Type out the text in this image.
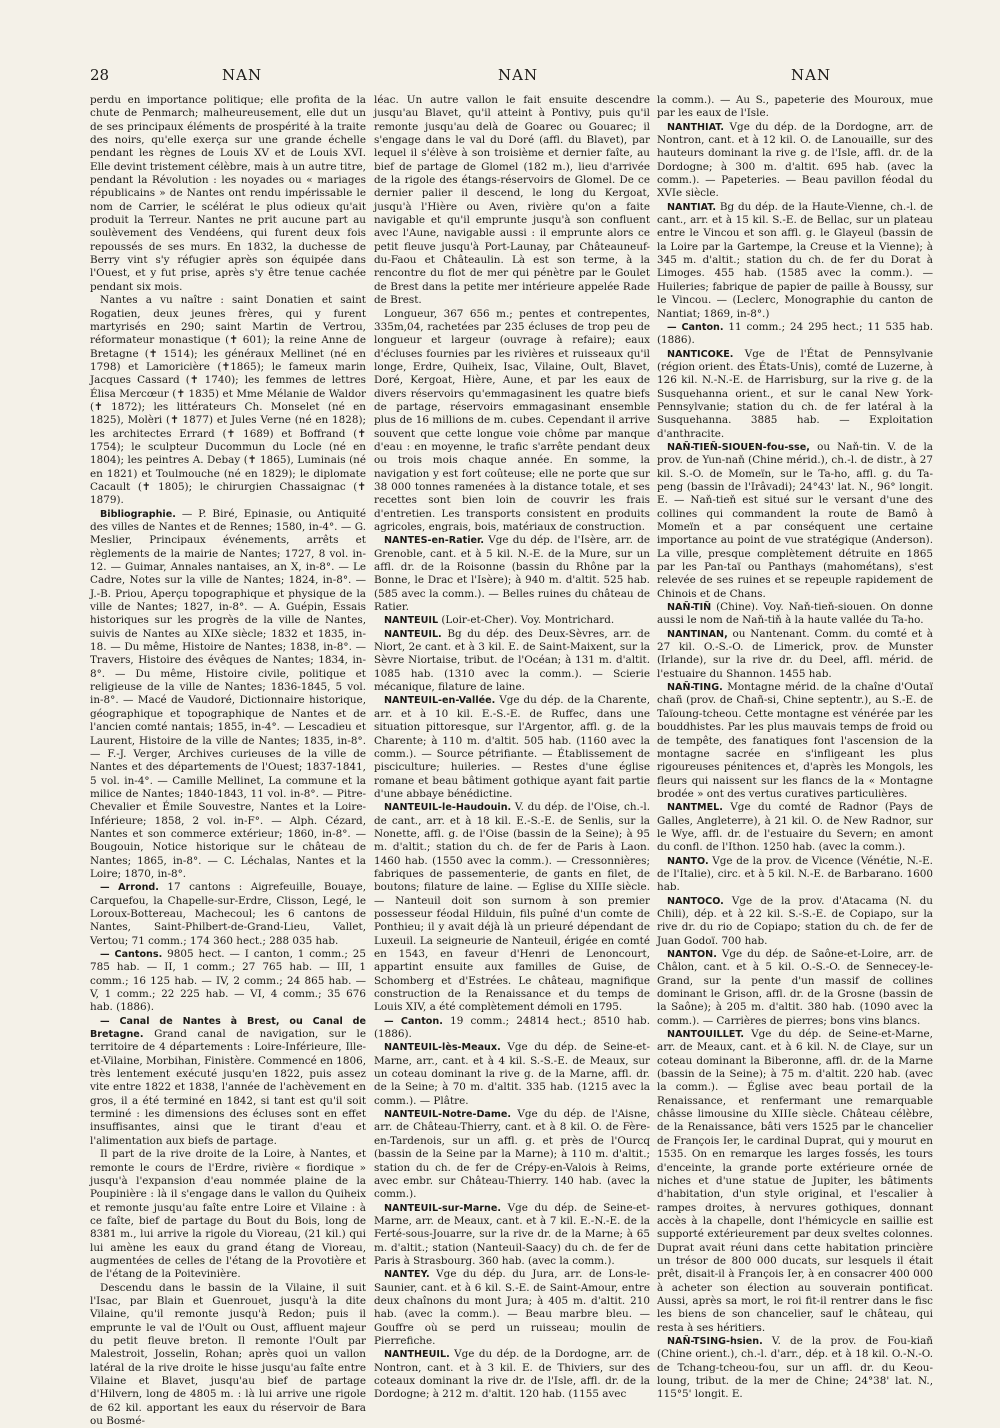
28	NAN	NAN	NAN

perdu en importance politique; elle profita de la chute de Penmarch; malheureusement, elle dut un de ses principaux éléments de prospérité à la traite des noirs, qu'elle exerça sur une grande échelle pendant les règnes de Louis XV et de Louis XVI. Elle devint tristement célèbre, mais à un autre titre, pendant la Révolution : les noyades ou « mariages républicains » de Nantes ont rendu impérissable le nom de Carrier, le scélérat le plus odieux qu'ait produit la Terreur. Nantes ne prit aucune part au soulèvement des Vendéens, qui furent deux fois repoussés de ses murs. En 1832, la duchesse de Berry vint s'y réfugier après son équipée dans l'Ouest, et y fut prise, après s'y être tenue cachée pendant six mois.

Nantes a vu naître : saint Donatien et saint Rogatien, deux jeunes frères, qui y furent martyrisés en 290; saint Martin de Vertrou, réformateur monastique (✝ 601); la reine Anne de Bretagne (✝ 1514); les généraux Mellinet (né en 1798) et Lamoricière (✝1865); le fameux marin Jacques Cassard (✝ 1740); les femmes de lettres Élisa Mercœur (✝ 1835) et Mme Mélanie de Waldor (✝ 1872); les littérateurs Ch. Monselet (né en 1825), Molèri (✝ 1877) et Jules Verne (né en 1828); les architectes Errard (✝ 1689) et Boffrand (✝ 1754); le sculpteur Ducommun du Locle (né en 1804); les peintres A. Debay (✝ 1865), Luminais (né en 1821) et Toulmouche (né en 1829); le diplomate Cacault (✝ 1805); le chirurgien Chassaignac (✝ 1879).

Bibliographie. — P. Biré, Epinasie, ou Antiquité des villes de Nantes et de Rennes; 1580, in-4°. — G. Meslier, Principaux événements, arrêts et règlements de la mairie de Nantes; 1727, 8 vol. in-12. — Guimar, Annales nantaises, an X, in-8°. — Le Cadre, Notes sur la ville de Nantes; 1824, in-8°. — J.-B. Priou, Aperçu topographique et physique de la ville de Nantes; 1827, in-8°. — A. Guépin, Essais historiques sur les progrès de la ville de Nantes, suivis de Nantes au XIXe siècle; 1832 et 1835, in-18. — Du même, Histoire de Nantes; 1838, in-8°. — Travers, Histoire des évêques de Nantes; 1834, in-8°. — Du même, Histoire civile, politique et religieuse de la ville de Nantes; 1836-1845, 5 vol. in-8°. — Macé de Vaudoré, Dictionnaire historique, géographique et topographique de Nantes et de l'ancien comté nantais; 1855, in-4°. — Lescadieu et Laurent, Histoire de la ville de Nantes; 1835, in-8°. — F.-J. Verger, Archives curieuses de la ville de Nantes et des départements de l'Ouest; 1837-1841, 5 vol. in-4°. — Camille Mellinet, La commune et la milice de Nantes; 1840-1843, 11 vol. in-8°. — Pitre-Chevalier et Émile Souvestre, Nantes et la Loire-Inférieure; 1858, 2 vol. in-F°. — Alph. Cézard, Nantes et son commerce extérieur; 1860, in-8°. — Bougouin, Notice historique sur le château de Nantes; 1865, in-8°. — C. Léchalas, Nantes et la Loire; 1870, in-8°.

— Arrond. 17 cantons : Aigrefeuille, Bouaye, Carquefou, la Chapelle-sur-Erdre, Clisson, Legé, le Loroux-Bottereau, Machecoul; les 6 cantons de Nantes, Saint-Philbert-de-Grand-Lieu, Vallet, Vertou; 71 comm.; 174 360 hect.; 288 035 hab.

— Cantons. 9805 hect. — I canton, 1 comm.; 25 785 hab. — II, 1 comm.; 27 765 hab. — III, 1 comm.; 16 125 hab. — IV, 2 comm.; 24 865 hab. — V, 1 comm.; 22 225 hab. — VI, 4 comm.; 35 676 hab. (1886).

— Canal de Nantes à Brest, ou Canal de Bretagne. Grand canal de navigation, sur le territoire de 4 départements : Loire-Inférieure, Ille-et-Vilaine, Morbihan, Finistère. Commencé en 1806, très lentement exécuté jusqu'en 1822, puis assez vite entre 1822 et 1838, l'année de l'achèvement en gros, il a été terminé en 1842, si tant est qu'il soit terminé : les dimensions des écluses sont en effet insuffisantes, ainsi que le tirant d'eau et l'alimentation aux biefs de partage.

Il part de la rive droite de la Loire, à Nantes, et remonte le cours de l'Erdre, rivière « fiordique » jusqu'à l'expansion d'eau nommée plaine de la Poupinière : là il s'engage dans le vallon du Quiheix et remonte jusqu'au faîte entre Loire et Vilaine : à ce faîte, bief de partage du Bout du Bois, long de 8381 m., lui arrive la rigole du Vioreau, (21 kil.) qui lui amène les eaux du grand étang de Vioreau, augmentées de celles de l'étang de la Provotière et de l'étang de la Poitevinière.

Descendu dans le bassin de la Vilaine, il suit l'Isac, par Blain et Guenrouet, jusqu'à la dite Vilaine, qu'il remonte jusqu'à Redon; puis il emprunte le val de l'Oult ou Oust, affluent majeur du petit fleuve breton. Il remonte l'Oult par Malestroit, Josselin, Rohan; après quoi un vallon latéral de la rive droite le hisse jusqu'au faîte entre Vilaine et Blavet, jusqu'au bief de partage d'Hilvern, long de 4805 m. : là lui arrive une rigole de 62 kil. apportant les eaux du réservoir de Bara ou Bosmé-

léac. Un autre vallon le fait ensuite descendre jusqu'au Blavet, qu'il atteint à Pontivy, puis qu'il remonte jusqu'au delà de Goarec ou Gouarec; il s'engage dans le val du Doré (affl. du Blavet), par lequel il s'élève à son troisième et dernier faîte, au bief de partage de Glomel (182 m.), lieu d'arrivée de la rigole des étangs-réservoirs de Glomel. De ce dernier palier il descend, le long du Kergoat, jusqu'à l'Hière ou Aven, rivière qu'on a faite navigable et qu'il emprunte jusqu'à son confluent avec l'Aune, navigable aussi : il emprunte alors ce petit fleuve jusqu'à Port-Launay, par Châteauneuf-du-Faou et Châteaulin. Là est son terme, à la rencontre du flot de mer qui pénètre par le Goulet de Brest dans la petite mer intérieure appelée Rade de Brest.

Longueur, 367 656 m.; pentes et contrepentes, 335m,04, rachetées par 235 écluses de trop peu de longueur et largeur (ouvrage à refaire); eaux d'écluses fournies par les rivières et ruisseaux qu'il longe, Erdre, Quiheix, Isac, Vilaine, Oult, Blavet, Doré, Kergoat, Hière, Aune, et par les eaux de divers réservoirs qu'emmagasinent les quatre biefs de partage, réservoirs emmagasinant ensemble plus de 16 millions de m. cubes. Cependant il arrive souvent que cette longue voie chôme par manque d'eau : en moyenne, le trafic s'arrête pendant deux ou trois mois chaque année. En somme, la navigation y est fort coûteuse; elle ne porte que sur 38 000 tonnes ramenées à la distance totale, et ses recettes sont bien loin de couvrir les frais d'entretien. Les transports consistent en produits agricoles, engrais, bois, matériaux de construction.

NANTES-en-Ratier. Vge du dép. de l'Isère, arr. de Grenoble, cant. et à 5 kil. N.-E. de la Mure, sur un affl. dr. de la Roisonne (bassin du Rhône par la Bonne, le Drac et l'Isère); à 940 m. d'altit. 525 hab. (585 avec la comm.). — Belles ruines du château de Ratier.

NANTEUIL (Loir-et-Cher). Voy. Montrichard.

NANTEUIL. Bg du dép. des Deux-Sèvres, arr. de Niort, 2e cant. et à 3 kil. E. de Saint-Maixent, sur la Sèvre Niortaise, tribut. de l'Océan; à 131 m. d'altit. 1085 hab. (1310 avec la comm.). — Scierie mécanique, filature de laine.

NANTEUIL-en-Vallée. Vge du dép. de la Charente, arr. et à 10 kil. E.-S.-E. de Ruffec, dans une situation pittoresque, sur l'Argentor, affl. g. de la Charente; à 110 m. d'altit. 505 hab. (1160 avec la comm.). — Source pétrifiante. — Établissement de pisciculture; huileries. — Restes d'une église romane et beau bâtiment gothique ayant fait partie d'une abbaye bénédictine.

NANTEUIL-le-Haudouin. V. du dép. de l'Oise, ch.-l. de cant., arr. et à 18 kil. E.-S.-E. de Senlis, sur la Nonette, affl. g. de l'Oise (bassin de la Seine); à 95 m. d'altit.; station du ch. de fer de Paris à Laon. 1460 hab. (1550 avec la comm.). — Cressonnières; fabriques de passementerie, de gants en filet, de boutons; filature de laine. — Eglise du XIIIe siècle. — Nanteuil doit son surnom à son premier possesseur féodal Hilduin, fils puîné d'un comte de Ponthieu; il y avait déjà là un prieuré dépendant de Luxeuil. La seigneurie de Nanteuil, érigée en comté en 1543, en faveur d'Henri de Lenoncourt, appartint ensuite aux familles de Guise, de Schomberg et d'Estrées. Le château, magnifique construction de la Renaissance et du temps de Louis XIV, a été complètement démoli en 1795.

— Canton. 19 comm.; 24814 hect.; 8510 hab. (1886).

NANTEUIL-lès-Meaux. Vge du dép. de Seine-et-Marne, arr., cant. et à 4 kil. S.-S.-E. de Meaux, sur un coteau dominant la rive g. de la Marne, affl. dr. de la Seine; à 70 m. d'altit. 335 hab. (1215 avec la comm.). — Plâtre.

NANTEUIL-Notre-Dame. Vge du dép. de l'Aisne, arr. de Château-Thierry, cant. et à 8 kil. O. de Fère-en-Tardenois, sur un affl. g. et près de l'Ourcq (bassin de la Seine par la Marne); à 110 m. d'altit.; station du ch. de fer de Crépy-en-Valois à Reims, avec embr. sur Château-Thierry. 140 hab. (avec la comm.).

NANTEUIL-sur-Marne. Vge du dép. de Seine-et-Marne, arr. de Meaux, cant. et à 7 kil. E.-N.-E. de la Ferté-sous-Jouarre, sur la rive dr. de la Marne; à 65 m. d'altit.; station (Nanteuil-Saacy) du ch. de fer de Paris à Strasbourg. 360 hab. (avec la comm.).

NANTEY. Vge du dép. du Jura, arr. de Lons-le-Saunier, cant. et à 6 kil. S.-E. de Saint-Amour, entre deux chaînons du mont Jura; à 405 m. d'altit. 210 hab. (avec la comm.). — Beau marbre bleu. — Gouffre où se perd un ruisseau; moulin de Pierrefiche.

NANTHEUIL. Vge du dép. de la Dordogne, arr. de Nontron, cant. et à 3 kil. E. de Thiviers, sur des coteaux dominant la rive dr. de l'Isle, affl. dr. de la Dordogne; à 212 m. d'altit. 120 hab. (1155 avec

la comm.). — Au S., papeterie des Mouroux, mue par les eaux de l'Isle.

NANTHIAT. Vge du dép. de la Dordogne, arr. de Nontron, cant. et à 12 kil. O. de Lanouaille, sur des hauteurs dominant la rive g. de l'Isle, affl. dr. de la Dordogne; à 300 m. d'altit. 695 hab. (avec la comm.). — Papeteries. — Beau pavillon féodal du XVIe siècle.

NANTIAT. Bg du dép. de la Haute-Vienne, ch.-l. de cant., arr. et à 15 kil. S.-E. de Bellac, sur un plateau entre le Vincou et son affl. g. le Glayeul (bassin de la Loire par la Gartempe, la Creuse et la Vienne); à 345 m. d'altit.; station du ch. de fer du Dorat à Limoges. 455 hab. (1585 avec la comm.). — Huileries; fabrique de papier de paille à Boussy, sur le Vincou. — (Leclerc, Monographie du canton de Nantiat; 1869, in-8°.)

— Canton. 11 comm.; 24 295 hect.; 11 535 hab. (1886).

NANTICOKE. Vge de l'État de Pennsylvanie (région orient. des États-Unis), comté de Luzerne, à 126 kil. N.-N.-E. de Harrisburg, sur la rive g. de la Susquehanna orient., et sur le canal New York-Pennsylvanie; station du ch. de fer latéral à la Susquehanna. 3885 hab. — Exploitation d'anthracite.

NAÑ-TIEÑ-SIOUEN-fou-sse, ou Naň-tin. V. de la prov. de Yun-naň (Chine mérid.), ch.-l. de distr., à 27 kil. S.-O. de Momeïn, sur le Ta-ho, affl. g. du Ta-peng (bassin de l'Irâvadi); 24°43' lat. N., 96° longit. E. — Naň-tieň est situé sur le versant d'une des collines qui commandent la route de Bamô à Momeïn et a par conséquent une certaine importance au point de vue stratégique (Anderson). La ville, presque complètement détruite en 1865 par les Pan-taï ou Panthays (mahométans), s'est relevée de ses ruines et se repeuple rapidement de Chinois et de Chans.

NAÑ-TIÑ (Chine). Voy. Naň-tieň-siouen. On donne aussi le nom de Naň-tiň à la haute vallée du Ta-ho.

NANTINAN, ou Nantenant. Comm. du comté et à 27 kil. O.-S.-O. de Limerick, prov. de Munster (Irlande), sur la rive dr. du Deel, affl. mérid. de l'estuaire du Shannon. 1455 hab.

NAÑ-TING. Montagne mérid. de la chaîne d'Outaï chañ (prov. de Chañ-si, Chine septentr.), au S.-E. de Taïoung-tcheou. Cette montagne est vénérée par les bouddhistes. Par les plus mauvais temps de froid ou de tempête, des fanatiques font l'ascension de la montagne sacrée en s'infligeant les plus rigoureuses pénitences et, d'après les Mongols, les fleurs qui naissent sur les flancs de la « Montagne brodée » ont des vertus curatives particulières.

NANTMEL. Vge du comté de Radnor (Pays de Galles, Angleterre), à 21 kil. O. de New Radnor, sur le Wye, affl. dr. de l'estuaire du Severn; en amont du confl. de l'Ithon. 1250 hab. (avec la comm.).

NANTO. Vge de la prov. de Vicence (Vénétie, N.-E. de l'Italie), circ. et à 5 kil. N.-E. de Barbarano. 1600 hab.

NANTOCO. Vge de la prov. d'Atacama (N. du Chili), dép. et à 22 kil. S.-S.-E. de Copiapo, sur la rive dr. du rio de Copiapo; station du ch. de fer de Juan Godoï. 700 hab.

NANTON. Vge du dép. de Saône-et-Loire, arr. de Châlon, cant. et à 5 kil. O.-S.-O. de Sennecey-le-Grand, sur la pente d'un massif de collines dominant le Grison, affl. dr. de la Grosne (bassin de la Saône); à 205 m. d'altit. 380 hab. (1090 avec la comm.). — Carrières de pierres; bons vins blancs.

NANTOUILLET. Vge du dép. de Seine-et-Marne, arr. de Meaux, cant. et à 6 kil. N. de Claye, sur un coteau dominant la Biberonne, affl. dr. de la Marne (bassin de la Seine); à 75 m. d'altit. 220 hab. (avec la comm.). — Église avec beau portail de la Renaissance, et renfermant une remarquable châsse limousine du XIIIe siècle. Château célèbre, de la Renaissance, bâti vers 1525 par le chancelier de François Ier, le cardinal Duprat, qui y mourut en 1535. On en remarque les larges fossés, les tours d'enceinte, la grande porte extérieure ornée de niches et d'une statue de Jupiter, les bâtiments d'habitation, d'un style original, et l'escalier à rampes droites, à nervures gothiques, donnant accès à la chapelle, dont l'hémicycle en saillie est supporté extérieurement par deux sveltes colonnes. Duprat avait réuni dans cette habitation princière un trésor de 800 000 ducats, sur lesquels il était prêt, disait-il à François Ier, à en consacrer 400 000 à acheter son élection au souverain pontificat. Aussi, après sa mort, le roi fit-il rentrer dans le fisc les biens de son chancelier, sauf le château, qui resta à ses héritiers.

NAÑ-TSING-hsien. V. de la prov. de Fou-kiañ (Chine orient.), ch.-l. d'arr., dép. et à 18 kil. O.-N.-O. de Tchang-tcheou-fou, sur un affl. dr. du Keou-loung, tribut. de la mer de Chine; 24°38' lat. N., 115°5' longit. E.
